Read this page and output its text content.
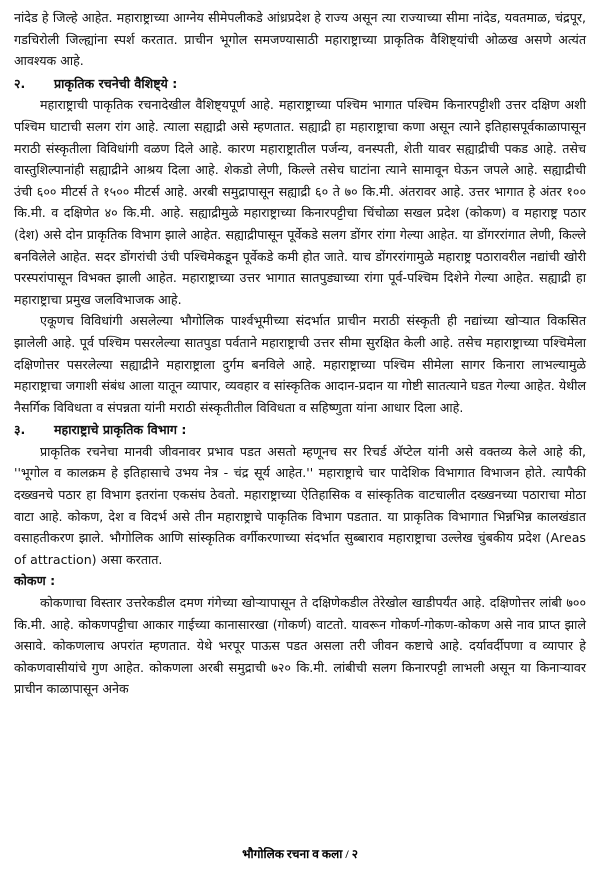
नांदेड हे जिल्हे आहेत. महाराष्ट्राच्या आग्नेय सीमेपलीकडे आंध्रप्रदेश हे राज्य असून त्या राज्याच्या सीमा नांदेड, यवतमाळ, चंद्रपूर, गडचिरोली जिल्ह्यांना स्पर्श करतात. प्राचीन भूगोल समजण्यासाठी महाराष्ट्राच्या प्राकृतिक वैशिष्ट्यांची ओळख असणे अत्यंत आवश्यक आहे.

२.	प्राकृतिक रचनेची वैशिष्ट्ये :

महाराष्ट्राची पाकृतिक रचनादेखील वैशिष्ट्यपूर्ण आहे. महाराष्ट्राच्या पश्चिम भागात पश्चिम किनारपट्टीशी उत्तर दक्षिण अशी पश्चिम घाटाची सलग रांग आहे. त्याला सह्याद्री असे म्हणतात. सह्याद्री हा महाराष्ट्राचा कणा असून त्याने इतिहासपूर्वकाळापासून मराठी संस्कृतीला विविधांगी वळण दिले आहे. कारण महाराष्ट्रातील पर्जन्य, वनस्पती, शेती यावर सह्याद्रीची पकड आहे. तसेच वास्तुशिल्पानांही सह्याद्रीने आश्रय दिला आहे. शेकडो लेणी, किल्ले तसेच घाटांना त्याने सामावून घेऊन जपले आहे. सह्याद्रीची उंची ६०० मीटर्स ते १५०० मीटर्स आहे. अरबी समुद्रापासून सह्याद्री ६० ते ७० कि.मी. अंतरावर आहे. उत्तर भागात हे अंतर १०० कि.मी. व दक्षिणेत ४० कि.मी. आहे. सह्याद्रीमुळे महाराष्ट्राच्या किनारपट्टीचा चिंचोळा सखल प्रदेश (कोकण) व महाराष्ट्र पठार (देश) असे दोन प्राकृतिक विभाग झाले आहेत. सह्याद्रीपासून पूर्वेकडे सलग डोंगर रांगा गेल्या आहेत. या डोंगररांगात लेणी, किल्ले बनविलेले आहेत. सदर डोंगरांची उंची पश्चिमेकडून पूर्वेकडे कमी होत जाते. याच डोंगररांगामुळे महाराष्ट्र पठारावरील नद्यांची खोरी परस्परांपासून विभक्त झाली आहेत. महाराष्ट्राच्या उत्तर भागात सातपुड्याच्या रांगा पूर्व-पश्चिम दिशेने गेल्या आहेत. सह्याद्री हा महाराष्ट्राचा प्रमुख जलविभाजक आहे.

एकूणच विविधांगी असलेल्या भौगोलिक पार्श्वभूमीच्या संदर्भात प्राचीन मराठी संस्कृती ही नद्यांच्या खोऱ्यात विकसित झालेली आहे. पूर्व पश्चिम पसरलेल्या सातपुडा पर्वताने महाराष्ट्राची उत्तर सीमा सुरक्षित केली आहे. तसेच महाराष्ट्राच्या पश्चिमेला दक्षिणोत्तर पसरलेल्या सह्याद्रीने महाराष्ट्राला दुर्गम बनविले आहे. महाराष्ट्राच्या पश्चिम सीमेला सागर किनारा लाभल्यामुळे महाराष्ट्राचा जगाशी संबंध आला यातून व्यापार, व्यवहार व सांस्कृतिक आदान-प्रदान या गोष्टी सातत्याने घडत गेल्या आहेत. येथील नैसर्गिक विविधता व संपन्नता यांनी मराठी संस्कृतीतील विविधता व सहिष्णुता यांना आधार दिला आहे.

३.	महाराष्ट्राचे प्राकृतिक विभाग :

प्राकृतिक रचनेचा मानवी जीवनावर प्रभाव पडत असतो म्हणूनच सर रिचर्ड ॲप्टेल यांनी असे वक्तव्य केले आहे की, ''भूगोल व कालक्रम हे इतिहासाचे उभय नेत्र - चंद्र सूर्य आहेत.'' महाराष्ट्राचे चार पादेशिक विभागात विभाजन होते. त्यापैकी दख्खनचे पठार हा विभाग इतरांना एकसंघ ठेवतो. महाराष्ट्राच्या ऐतिहासिक व सांस्कृतिक वाटचालीत दख्खनच्या पठाराचा मोठा वाटा आहे. कोकण, देश व विदर्भ असे तीन महाराष्ट्राचे पाकृतिक विभाग पडतात. या प्राकृतिक विभागात भिन्नभिन्न कालखंडात वसाहतीकरण झाले. भौगोलिक आणि सांस्कृतिक वर्गीकरणाच्या संदर्भात सुब्बाराव महाराष्ट्राचा उल्लेख चुंबकीय प्रदेश (Areas of attraction) असा करतात.

कोकण :

कोकणाचा विस्तार उत्तरेकडील दमण गंगेच्या खोऱ्यापासून ते दक्षिणेकडील तेरेखोल खाडीपर्यंत आहे. दक्षिणोत्तर लांबी ७०० कि.मी. आहे. कोकणपट्टीचा आकार गाईच्या कानासारखा (गोकर्ण) वाटतो. यावरून गोकर्ण-गोकण-कोकण असे नाव प्राप्त झाले असावे. कोकणलाच अपरांत म्हणतात. येथे भरपूर पाऊस पडत असला तरी जीवन कष्टाचे आहे. दर्यावर्दीपणा व व्यापार हे कोकणवासीयांचे गुण आहेत. कोकणला अरबी समुद्राची ७२० कि.मी. लांबीची सलग किनारपट्टी लाभली असून या किनाऱ्यावर प्राचीन काळापासून अनेक

भौगोलिक रचना व कला / २
